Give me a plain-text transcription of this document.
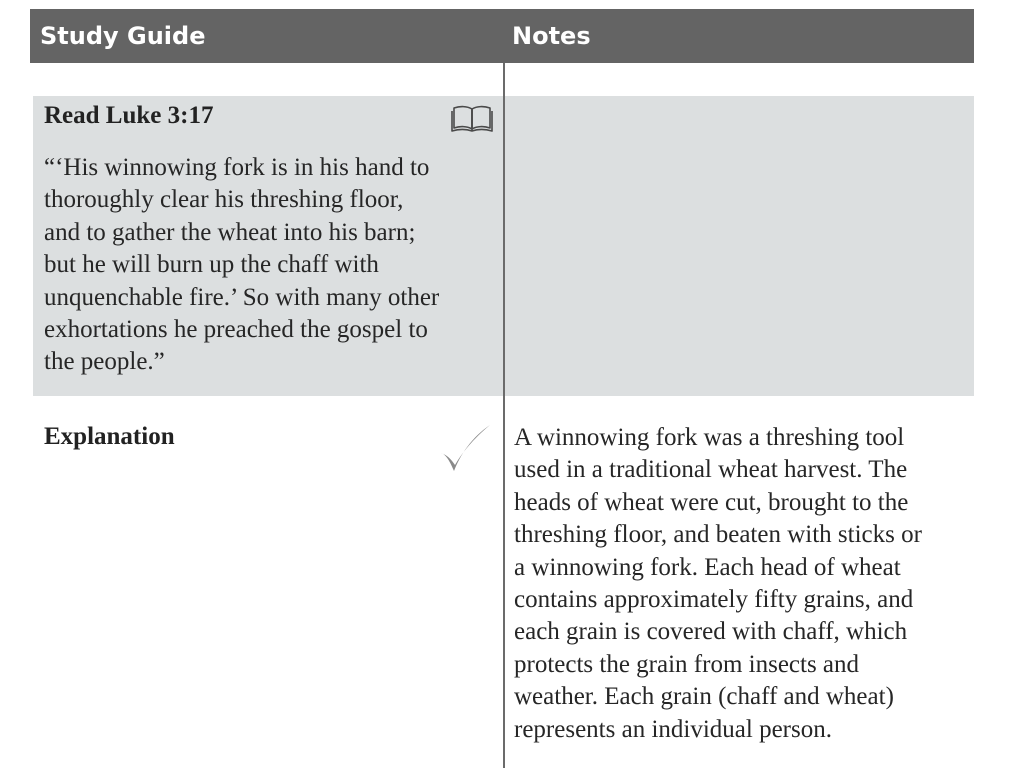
Study Guide	Notes
Read Luke 3:17
“‘His winnowing fork is in his hand to
thoroughly clear his threshing floor,
and to gather the wheat into his barn;
but he will burn up the chaff with
unquenchable fire.’ So with many other
exhortations he preached the gospel to
the people.”
Explanation	A winnowing fork was a threshing tool
used in a traditional wheat harvest. The
heads of wheat were cut, brought to the
threshing floor, and beaten with sticks or
a winnowing fork. Each head of wheat
contains approximately fifty grains, and
each grain is covered with chaff, which
protects the grain from insects and
weather. Each grain (chaff and wheat)
represents an individual person.
